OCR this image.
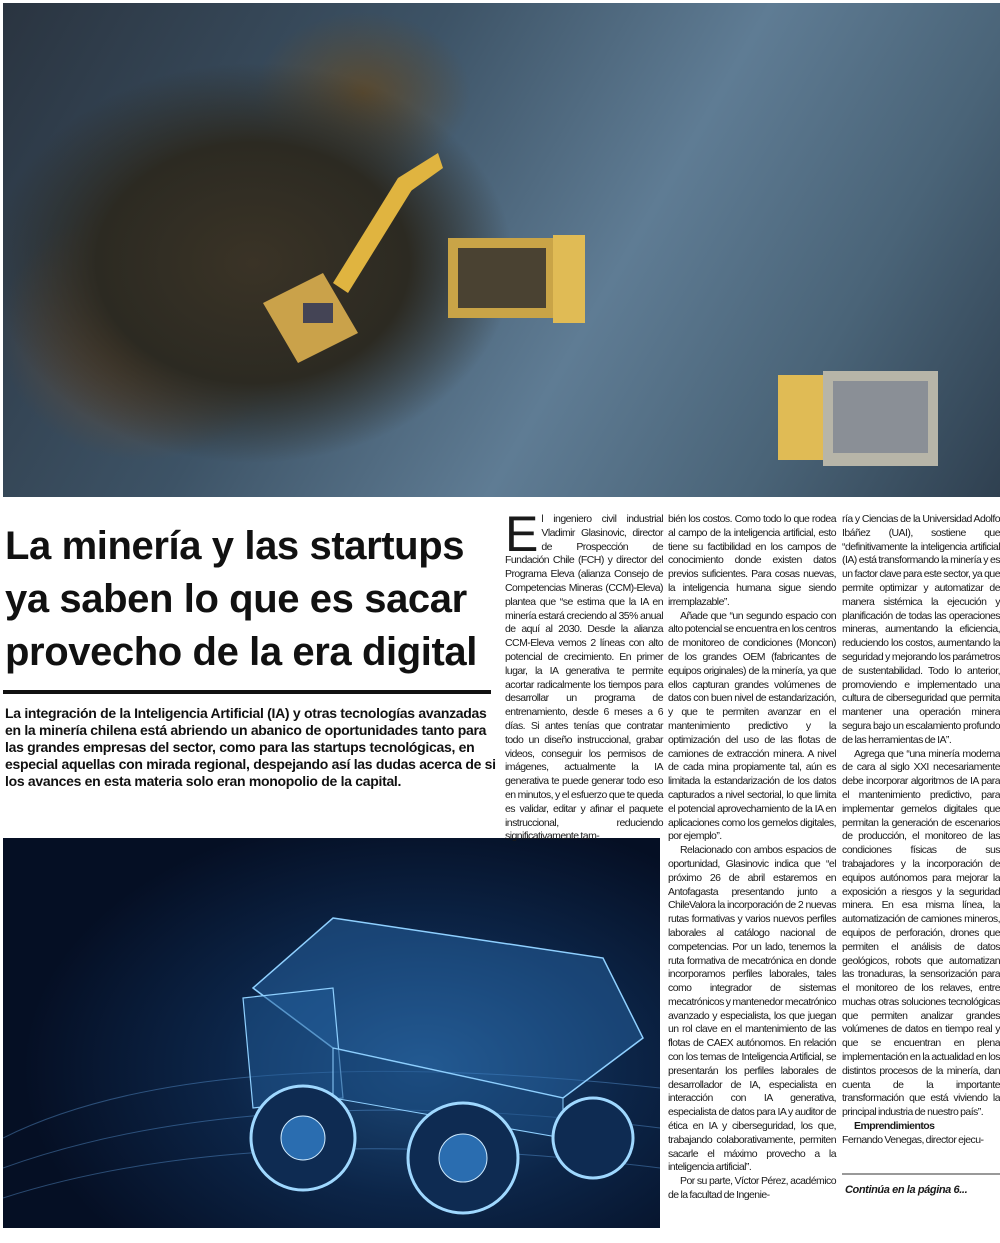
La minería y las startups
ya saben lo que es sacar
provecho de la era digital
La integración de la Inteligencia Artificial (IA) y otras tecnologías avanzadas en la minería chilena está abriendo un abanico de oportunidades tanto para las grandes empresas del sector, como para las startups tecnológicas, en especial aquellas con mirada regional, despejando así las dudas acerca de si los avances en esta materia solo eran monopolio de la capital.

El ingeniero civil industrial Vladimir Glasinovic, director de Prospección de Fundación Chile (FCH) y director del Programa Eleva (alianza Consejo de Competencias Mineras (CCM)-Eleva) plantea que “se estima que la IA en minería estará creciendo al 35% anual de aquí al 2030. Desde la alianza CCM-Eleva vemos 2 líneas con alto potencial de crecimiento. En primer lugar, la IA generativa te permite acortar radicalmente los tiempos para desarrollar un programa de entrenamiento, desde 6 meses a 6 días. Si antes tenías que contratar todo un diseño instruccional, grabar videos, conseguir los permisos de imágenes, actualmente la IA generativa te puede generar todo eso en minutos, y el esfuerzo que te queda es validar, editar y afinar el paquete instruccional, reduciendo significativamente tam-

bién los costos. Como todo lo que rodea al campo de la inteligencia artificial, esto tiene su factibilidad en los campos de conocimiento donde existen datos previos suficientes. Para cosas nuevas, la inteligencia humana sigue siendo irremplazable”.

Añade que “un segundo espacio con alto potencial se encuentra en los centros de monitoreo de condiciones (Moncon) de los grandes OEM (fabricantes de equipos originales) de la minería, ya que ellos capturan grandes volúmenes de datos con buen nivel de estandarización, y que te permiten avanzar en el mantenimiento predictivo y la optimización del uso de las flotas de camiones de extracción minera. A nivel de cada mina propiamente tal, aún es limitada la estandarización de los datos capturados a nivel sectorial, lo que limita el potencial aprovechamiento de la IA en aplicaciones como los gemelos digitales, por ejemplo”.

Relacionado con ambos espacios de oportunidad, Glasinovic indica que “el próximo 26 de abril estaremos en Antofagasta presentando junto a ChileValora la incorporación de 2 nuevas rutas formativas y varios nuevos perfiles laborales al catálogo nacional de competencias. Por un lado, tenemos la ruta formativa de mecatrónica en donde incorporamos perfiles laborales, tales como integrador de sistemas mecatrónicos y mantenedor mecatrónico avanzado y especialista, los que juegan un rol clave en el mantenimiento de las flotas de CAEX autónomos. En relación con los temas de Inteligencia Artificial, se presentarán los perfiles laborales de desarrollador de IA, especialista en interacción con IA generativa, especialista de datos para IA y auditor de ética en IA y ciberseguridad, los que, trabajando colaborativamente, permiten sacarle el máximo provecho a la inteligencia artificial”.

Por su parte, Víctor Pérez, académico de la facultad de Ingenie-

ría y Ciencias de la Universidad Adolfo Ibáñez (UAI), sostiene que “definitivamente la inteligencia artificial (IA) está transformando la minería y es un factor clave para este sector, ya que permite optimizar y automatizar de manera sistémica la ejecución y planificación de todas las operaciones mineras, aumentando la eficiencia, reduciendo los costos, aumentando la seguridad y mejorando los parámetros de sustentabilidad. Todo lo anterior, promoviendo e implementado una cultura de ciberseguridad que permita mantener una operación minera segura bajo un escalamiento profundo de las herramientas de IA”.

Agrega que “una minería moderna de cara al siglo XXI necesariamente debe incorporar algoritmos de IA para el mantenimiento predictivo, para implementar gemelos digitales que permitan la generación de escenarios de producción, el monitoreo de las condiciones físicas de sus trabajadores y la incorporación de equipos autónomos para mejorar la exposición a riesgos y la seguridad minera. En esa misma línea, la automatización de camiones mineros, equipos de perforación, drones que permiten el análisis de datos geológicos, robots que automatizan las tronaduras, la sensorización para el monitoreo de los relaves, entre muchas otras soluciones tecnológicas que permiten analizar grandes volúmenes de datos en tiempo real y que se encuentran en plena implementación en la actualidad en los distintos procesos de la minería, dan cuenta de la importante transformación que está viviendo la principal industria de nuestro país”.

Emprendimientos

Fernando Venegas, director ejecu-

Continúa en la página 6...
